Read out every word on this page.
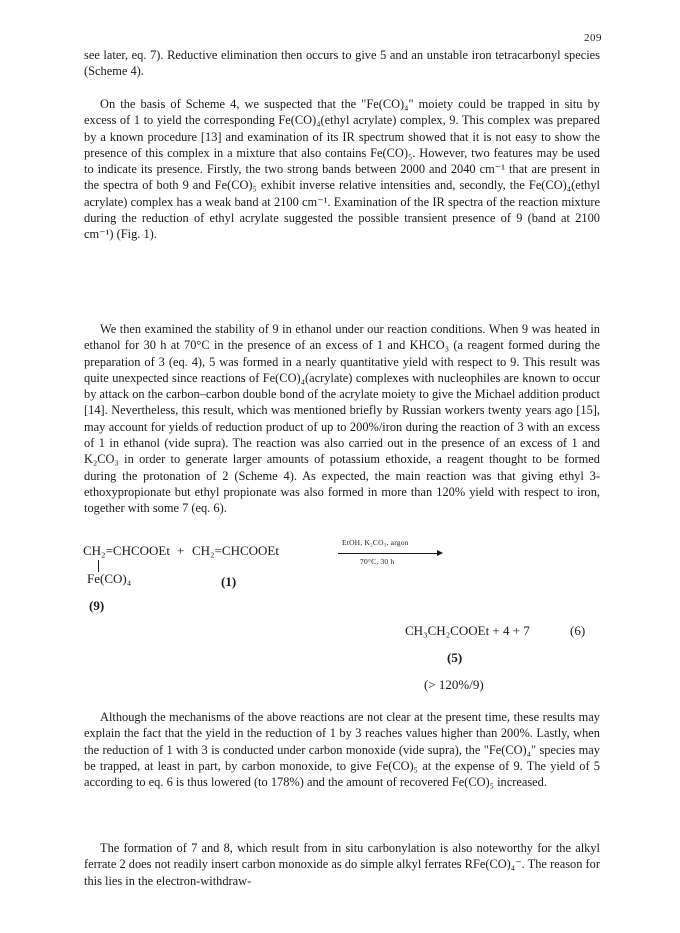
209

see later, eq. 7). Reductive elimination then occurs to give 5 and an unstable iron tetracarbonyl species (Scheme 4).

On the basis of Scheme 4, we suspected that the "Fe(CO)₄" moiety could be trapped in situ by excess of 1 to yield the corresponding Fe(CO)₄(ethyl acrylate) complex, 9. This complex was prepared by a known procedure [13] and examination of its IR spectrum showed that it is not easy to show the presence of this complex in a mixture that also contains Fe(CO)₅. However, two features may be used to indicate its presence. Firstly, the two strong bands between 2000 and 2040 cm⁻¹ that are present in the spectra of both 9 and Fe(CO)₅ exhibit inverse relative intensities and, secondly, the Fe(CO)₄(ethyl acrylate) complex has a weak band at 2100 cm⁻¹. Examination of the IR spectra of the reaction mixture during the reduction of ethyl acrylate suggested the possible transient presence of 9 (band at 2100 cm⁻¹) (Fig. 1).

We then examined the stability of 9 in ethanol under our reaction conditions. When 9 was heated in ethanol for 30 h at 70°C in the presence of an excess of 1 and KHCO₃ (a reagent formed during the preparation of 3 (eq. 4), 5 was formed in a nearly quantitative yield with respect to 9. This result was quite unexpected since reactions of Fe(CO)₄(acrylate) complexes with nucleophiles are known to occur by attack on the carbon–carbon double bond of the acrylate moiety to give the Michael addition product [14]. Nevertheless, this result, which was mentioned briefly by Russian workers twenty years ago [15], may account for yields of reduction product of up to 200%/iron during the reaction of 3 with an excess of 1 in ethanol (vide supra). The reaction was also carried out in the presence of an excess of 1 and K₂CO₃ in order to generate larger amounts of potassium ethoxide, a reagent thought to be formed during the protonation of 2 (Scheme 4). As expected, the main reaction was that giving ethyl 3-ethoxypropionate but ethyl propionate was also formed in more than 120% yield with respect to iron, together with some 7 (eq. 6).

CH₂=CHCOOEt + CH₂=CHCOOEt
Fe(CO)₄
(9)
(1)
EtOH, K₂CO₃, argon
70°C, 30 h
CH₃CH₂COOEt + 4 + 7	(6)
(5)
(> 120%/9)

Although the mechanisms of the above reactions are not clear at the present time, these results may explain the fact that the yield in the reduction of 1 by 3 reaches values higher than 200%. Lastly, when the reduction of 1 with 3 is conducted under carbon monoxide (vide supra), the "Fe(CO)₄" species may be trapped, at least in part, by carbon monoxide, to give Fe(CO)₅ at the expense of 9. The yield of 5 according to eq. 6 is thus lowered (to 178%) and the amount of recovered Fe(CO)₅ increased.

The formation of 7 and 8, which result from in situ carbonylation is also noteworthy for the alkyl ferrate 2 does not readily insert carbon monoxide as do simple alkyl ferrates RFe(CO)₄⁻. The reason for this lies in the electron-withdraw-
